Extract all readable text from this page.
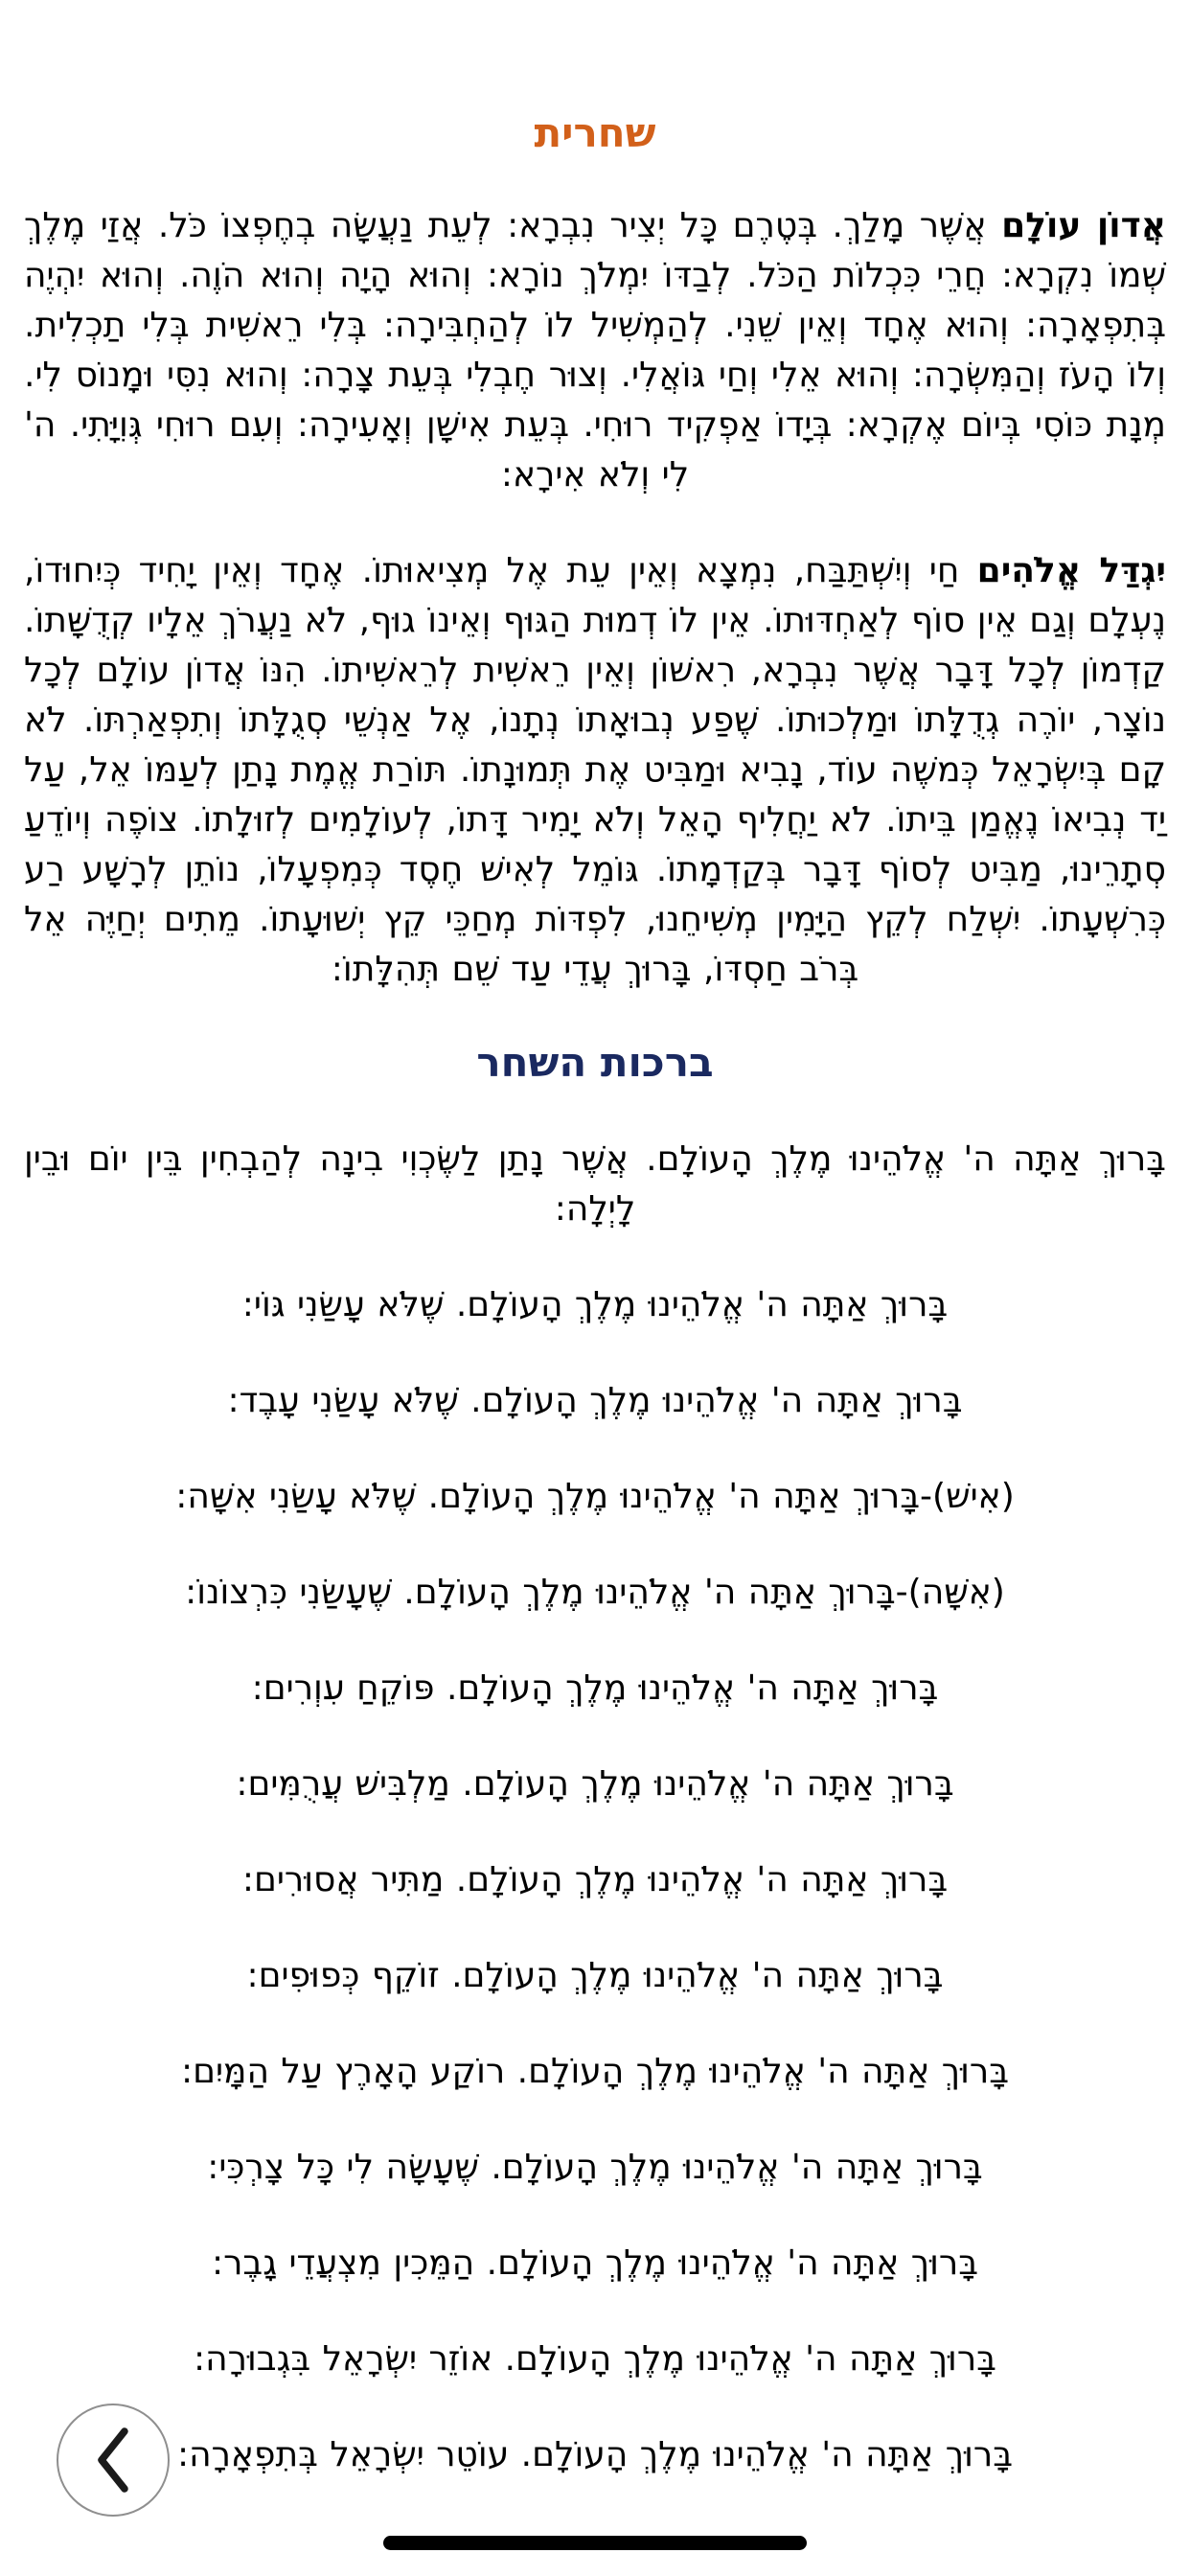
שחרית

אֲדוֹן עוֹלָם אֲשֶׁר מָלַךְ. בְּטֶרֶם כָּל יְצִיר נִבְרָא: לְעֵת נַעֲשָׂה בְחֶפְצוֹ כֹּל. אֲזַי מֶלֶךְ שְׁמוֹ נִקְרָא: חֲרֵי כִּכְלוֹת הַכֹּל. לְבַדּוֹ יִמְלֹךְ נוֹרָא: וְהוּא הָיָה וְהוּא הֹוֶה. וְהוּא יִהְיֶה בְּתִפְאָרָה: וְהוּא אֶחָד וְאֵין שֵׁנִי. לְהַמְשִׁיל לוֹ לְהַחְבִּירָה: בְּלִי רֵאשִׁית בְּלִי תַכְלִית. וְלוֹ הָעֹז וְהַמִּשְׂרָה: וְהוּא אֵלִי וְחַי גּוֹאֲלִי. וְצוּר חֶבְלִי בְּעֵת צָרָה: וְהוּא נִסִּי וּמָנוֹס לִי. מְנָת כּוֹסִי בְּיוֹם אֶקְרָא: בְּיָדוֹ אַפְקִיד רוּחִי. בְּעֵת אִישָׁן וְאָעִירָה: וְעִם רוּחִי גְּוִיָּתִי. ה' לִי וְלֹא אִירָא:

יִגְדַּל אֱלֹהִים חַי וְיִשְׁתַּבַּח, נִמְצָא וְאֵין עֵת אֶל מְצִיאוּתוֹ. אֶחָד וְאֵין יָחִיד כְּיִחוּדוֹ, נֶעְלָם וְגַם אֵין סוֹף לְאַחְדּוּתוֹ. אֵין לוֹ דְמוּת הַגּוּף וְאֵינוֹ גוּף, לֹא נַעֲרֹךְ אֵלָיו קְדֻשָּׁתוֹ. קַדְמוֹן לְכָל דָּבָר אֲשֶׁר נִבְרָא, רִאשׁוֹן וְאֵין רֵאשִׁית לְרֵאשִׁיתוֹ. הִנּוֹ אֲדוֹן עוֹלָם לְכָל נוֹצָר, יוֹרֶה גְדֻלָּתוֹ וּמַלְכוּתוֹ. שֶׁפַע נְבוּאָתוֹ נְתָנוֹ, אֶל אַנְשֵׁי סְגֻלָּתוֹ וְתִפְאַרְתּוֹ. לֹא קָם בְּיִשְׂרָאֵל כְּמשֶׁה עוֹד, נָבִיא וּמַבִּיט אֶת תְּמוּנָתוֹ. תּוֹרַת אֱמֶת נָתַן לְעַמּוֹ אֵל, עַל יַד נְבִיאוֹ נֶאֱמַן בֵּיתוֹ. לֹא יַחֲלִיף הָאֵל וְלֹא יָמִיר דָּתוֹ, לְעוֹלָמִים לְזוּלָתוֹ. צוֹפֶה וְיוֹדֵעַ סְתָרֵינוּ, מַבִּיט לְסוֹף דָּבָר בְּקַדְמָתוֹ. גּוֹמֵל לְאִישׁ חֶסֶד כְּמִפְעָלוֹ, נוֹתֵן לְרָשָׁע רַע כְּרִשְׁעָתוֹ. יִשְׁלַח לְקֵץ הַיָּמִין מְשִׁיחֵנוּ, לִפְדּוֹת מְחַכֵּי קֵץ יְשׁוּעָתוֹ. מֵתִים יְחַיֶּה אֵל בְּרֹב חַסְדּוֹ, בָּרוּךְ עֲדֵי עַד שֵׁם תְּהִלָּתוֹ:

ברכות השחר

בָּרוּךְ אַתָּה ה' אֱלֹהֵינוּ מֶלֶךְ הָעוֹלָם. אֲשֶׁר נָתַן לַשֶּׂכְוִי בִינָה לְהַבְחִין בֵּין יוֹם וּבֵין לָיְלָה:

בָּרוּךְ אַתָּה ה' אֱלֹהֵינוּ מֶלֶךְ הָעוֹלָם. שֶׁלֹּא עָשַׂנִי גּוֹי:

בָּרוּךְ אַתָּה ה' אֱלֹהֵינוּ מֶלֶךְ הָעוֹלָם. שֶׁלֹּא עָשַׂנִי עָבֶד:

(אִישׁ)-בָּרוּךְ אַתָּה ה' אֱלֹהֵינוּ מֶלֶךְ הָעוֹלָם. שֶׁלֹּא עָשַׂנִי אִשָּׁה:

(אִשָּׁה)-בָּרוּךְ אַתָּה ה' אֱלֹהֵינוּ מֶלֶךְ הָעוֹלָם. שֶׁעָשַׂנִי כִּרְצוֹנוֹ:

בָּרוּךְ אַתָּה ה' אֱלֹהֵינוּ מֶלֶךְ הָעוֹלָם. פּוֹקֵחַ עִוְרִים:

בָּרוּךְ אַתָּה ה' אֱלֹהֵינוּ מֶלֶךְ הָעוֹלָם. מַלְבִּישׁ עֲרֻמִּים:

בָּרוּךְ אַתָּה ה' אֱלֹהֵינוּ מֶלֶךְ הָעוֹלָם. מַתִּיר אֲסוּרִים:

בָּרוּךְ אַתָּה ה' אֱלֹהֵינוּ מֶלֶךְ הָעוֹלָם. זוֹקֵף כְּפוּפִים:

בָּרוּךְ אַתָּה ה' אֱלֹהֵינוּ מֶלֶךְ הָעוֹלָם. רוֹקַע הָאָרֶץ עַל הַמָּיִם:

בָּרוּךְ אַתָּה ה' אֱלֹהֵינוּ מֶלֶךְ הָעוֹלָם. שֶׁעָשָׂה לִי כָּל צָרְכִּי:

בָּרוּךְ אַתָּה ה' אֱלֹהֵינוּ מֶלֶךְ הָעוֹלָם. הַמֵּכִין מִצְעֲדֵי גָבֶר:

בָּרוּךְ אַתָּה ה' אֱלֹהֵינוּ מֶלֶךְ הָעוֹלָם. אוֹזֵר יִשְׂרָאֵל בִּגְבוּרָה:

בָּרוּךְ אַתָּה ה' אֱלֹהֵינוּ מֶלֶךְ הָעוֹלָם. עוֹטֵר יִשְׂרָאֵל בְּתִפְאָרָה:
